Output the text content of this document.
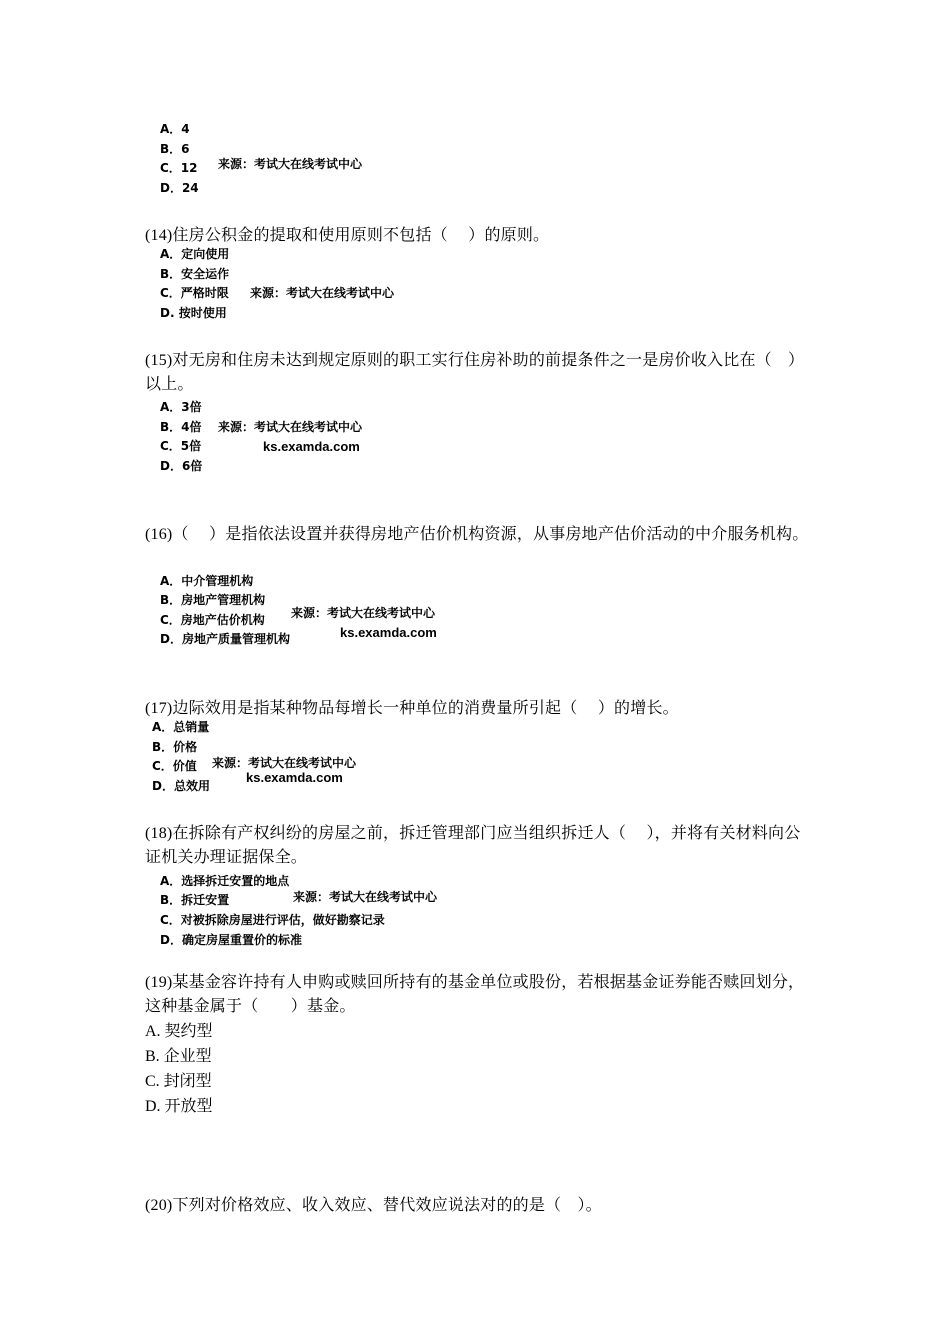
A．4
B．6
C．12
D．24
来源：考试大在线考试中心

(14)住房公积金的提取和使用原则不包括（　 ）的原则。

A．定向使用
B．安全运作
C．严格时限
D. 按时使用
来源：考试大在线考试中心

(15)对无房和住房未达到规定原则的职工实行住房补助的前提条件之一是房价收入比在（　）以上。

A．3倍
B．4倍
C．5倍
D．6倍
来源：考试大在线考试中心
ks.examda.com

(16)（　 ）是指依法设置并获得房地产估价机构资源，从事房地产估价活动的中介服务机构。

A．中介管理机构
B．房地产管理机构
C．房地产估价机构
D．房地产质量管理机构
来源：考试大在线考试中心
ks.examda.com

(17)边际效用是指某种物品每增长一种单位的消费量所引起（　 ）的增长。

A．总销量
B．价格
C．价值
D．总效用
来源：考试大在线考试中心
ks.examda.com

(18)在拆除有产权纠纷的房屋之前，拆迁管理部门应当组织拆迁人（　 ），并将有关材料向公证机关办理证据保全。

A．选择拆迁安置的地点
B．拆迁安置
C．对被拆除房屋进行评估，做好勘察记录
D．确定房屋重置价的标准
来源：考试大在线考试中心

(19)某基金容许持有人申购或赎回所持有的基金单位或股份，若根据基金证券能否赎回划分，这种基金属于（　　）基金。

A. 契约型
B. 企业型
C. 封闭型
D. 开放型

(20)下列对价格效应、收入效应、替代效应说法对的的是（　）。
